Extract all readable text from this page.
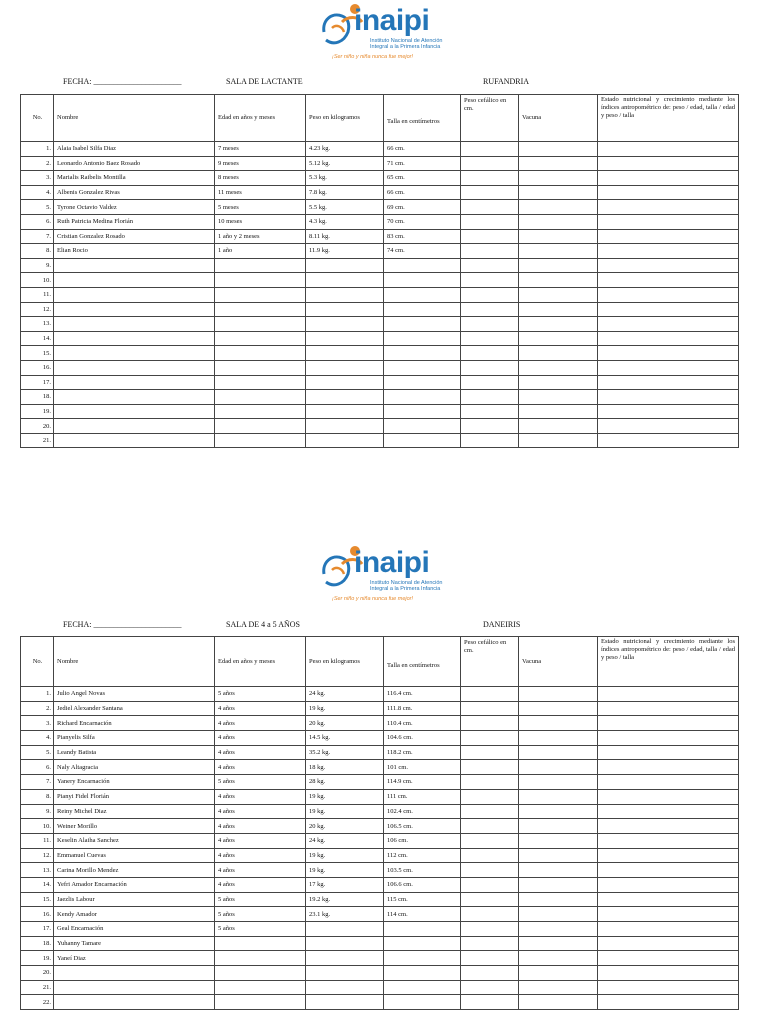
inaipi
Instituto Nacional de Atención Integral a la Primera Infancia
¡Ser niño y niña nunca fue mejor!
FECHA: ______________________	SALA DE LACTANTE	RUFANDRIA
No.	Nombre	Edad en años y meses	Peso en kilogramos	Talla en centímetros	Peso cefálico en cm.	Vacuna	Estado nutricional y crecimiento mediante los índices antropométrico de: peso / edad, talla / edad y peso / talla
1.	Alaia Isabel Silfa Diaz	7 meses	4.23 kg.	66 cm.			
2.	Leonardo Antonio Baez Rosado	9 meses	5.12 kg.	71 cm.			
3.	Marialis Raibelis Montilla	8 meses	5.3 kg.	65 cm.			
4.	Albenis Gonzalez Rivas	11 meses	7.8 kg.	66 cm.			
5.	Tyrone Octavio Valdez	5 meses	5.5 kg.	69 cm.			
6.	Ruth Patricia Medina Florián	10 meses	4.3 kg.	70 cm.			
7.	Cristian Gonzalez Rosado	1 año y 2 meses	8.11 kg.	83 cm.			
8.	Elian Rocio	1 año	11.9 kg.	74 cm.			
9.							
10.							
11.							
12.							
13.							
14.							
15.							
16.							
17.							
18.							
19.							
20.							
21.							
inaipi
Instituto Nacional de Atención Integral a la Primera Infancia
¡Ser niño y niña nunca fue mejor!
FECHA: ______________________	SALA DE 4 a 5 AÑOS	DANEIRIS
No.	Nombre	Edad en años y meses	Peso en kilogramos	Talla en centímetros	Peso cefálico en cm.	Vacuna	Estado nutricional y crecimiento mediante los índices antropométrico de: peso / edad, talla / edad y peso / talla
1.	Julio Angel Novas	5 años	24 kg.	116.4 cm.			
2.	Jediel Alexander Santana	4 años	19 kg.	111.8 cm.			
3.	Richard Encarnación	4 años	20 kg.	110.4 cm.			
4.	Pianyelis Silfa	4 años	14.5 kg.	104.6 cm.			
5.	Leandy Batista	4 años	35.2 kg.	118.2 cm.			
6.	Naly Altagracia	4 años	18 kg.	101 cm.			
7.	Yanery Encarnación	5 años	28 kg.	114.9 cm.			
8.	Pianyi Fidel Florián	4 años	19 kg.	111 cm.			
9.	Reiny Michel Diaz	4 años	19 kg.	102.4 cm.			
10.	Weiner Morillo	4 años	20 kg.	106.5 cm.			
11.	Keselin Alaiha Sanchez	4 años	24 kg.	106 cm.			
12.	Emmanuel Cuevas	4 años	19 kg.	112 cm.			
13.	Carina Morillo Mendez	4 años	19 kg.	103.5 cm.			
14.	Yefri Amador Encarnación	4 años	17 kg.	106.6 cm.			
15.	Jaezlis Labour	5 años	19.2 kg.	115 cm.			
16.	Kendy Amador	5 años	23.1 kg.	114 cm.			
17.	Geal Encarnación	5 años					
18.	Yuhanny Tamare						
19.	Yaneí Diaz						
20.							
21.							
22.							
